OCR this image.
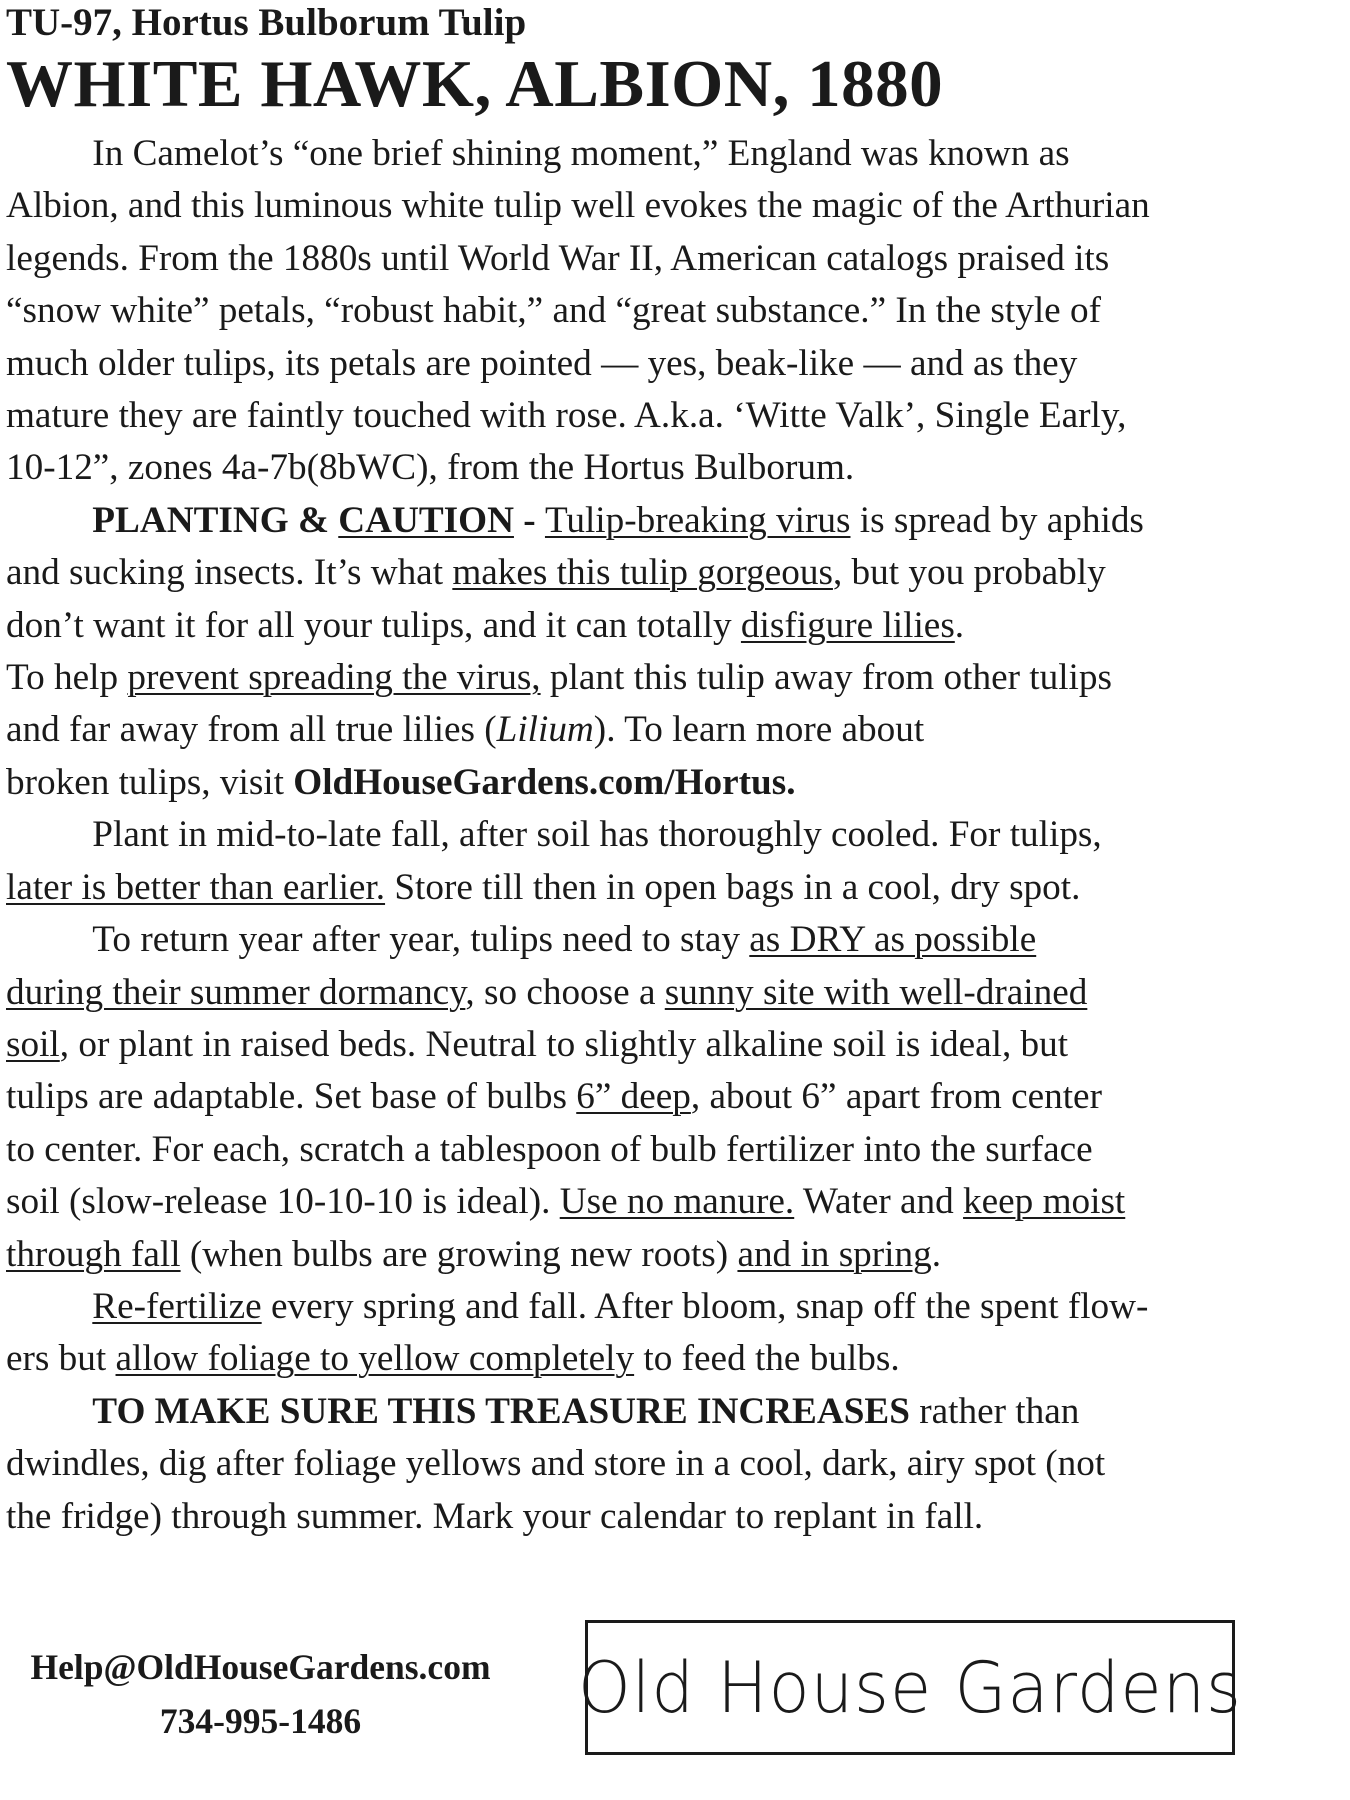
TU-97, Hortus Bulborum Tulip
WHITE HAWK, ALBION, 1880
In Camelot’s “one brief shining moment,” England was known as
Albion, and this luminous white tulip well evokes the magic of the Arthurian
legends. From the 1880s until World War II, American catalogs praised its
“snow white” petals, “robust habit,” and “great substance.” In the style of
much older tulips, its petals are pointed — yes, beak-like — and as they
mature they are faintly touched with rose. A.k.a. ‘Witte Valk’, Single Early,
10-12”, zones 4a-7b(8bWC), from the Hortus Bulborum.
PLANTING & CAUTION - Tulip-breaking virus is spread by aphids
and sucking insects. It’s what makes this tulip gorgeous, but you probably
don’t want it for all your tulips, and it can totally disfigure lilies.
To help prevent spreading the virus, plant this tulip away from other tulips
and far away from all true lilies (Lilium). To learn more about
broken tulips, visit OldHouseGardens.com/Hortus.
Plant in mid-to-late fall, after soil has thoroughly cooled. For tulips,
later is better than earlier. Store till then in open bags in a cool, dry spot.
To return year after year, tulips need to stay as DRY as possible
during their summer dormancy, so choose a sunny site with well-drained
soil, or plant in raised beds. Neutral to slightly alkaline soil is ideal, but
tulips are adaptable. Set base of bulbs 6” deep, about 6” apart from center
to center. For each, scratch a tablespoon of bulb fertilizer into the surface
soil (slow-release 10-10-10 is ideal). Use no manure. Water and keep moist
through fall (when bulbs are growing new roots) and in spring.
Re-fertilize every spring and fall. After bloom, snap off the spent flow-
ers but allow foliage to yellow completely to feed the bulbs.
TO MAKE SURE THIS TREASURE INCREASES rather than
dwindles, dig after foliage yellows and store in a cool, dark, airy spot (not
the fridge) through summer. Mark your calendar to replant in fall.
Help@OldHouseGardens.com
734-995-1486	Old House Gardens
